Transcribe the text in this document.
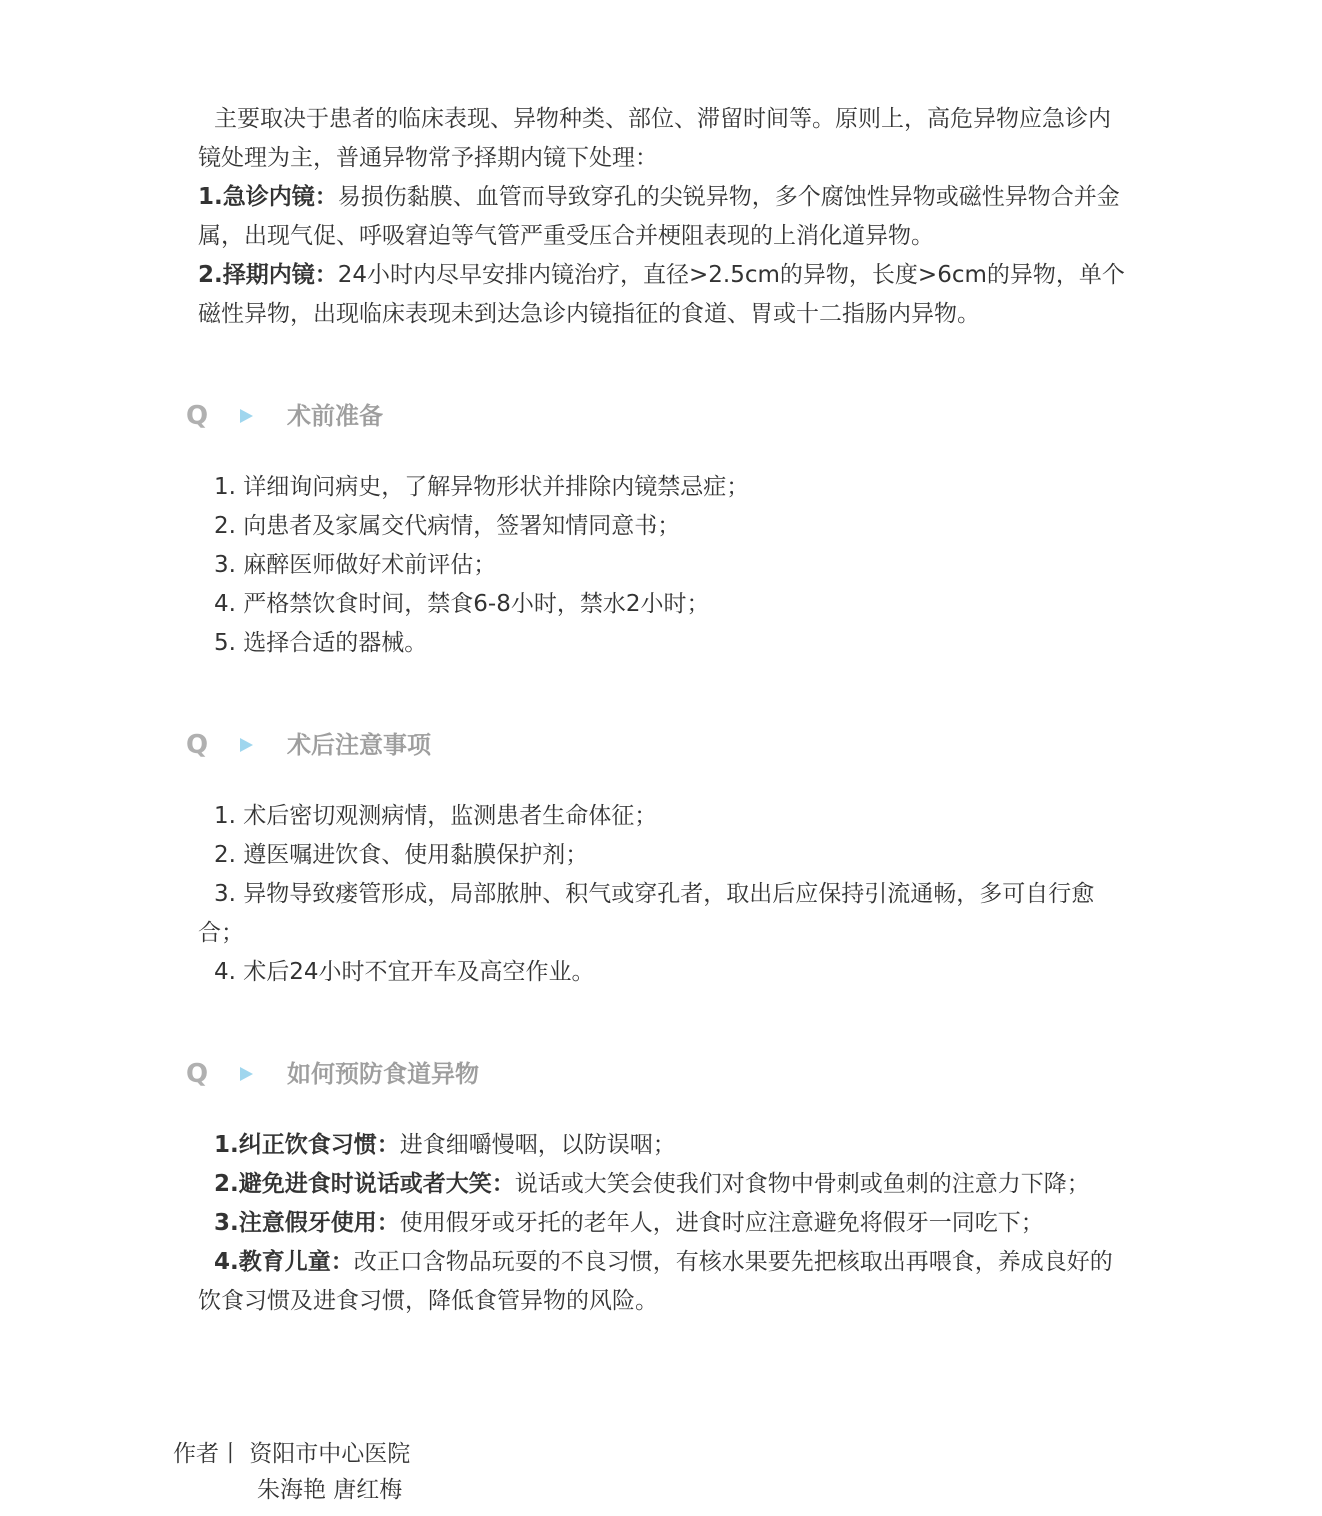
主要取决于患者的临床表现、异物种类、部位、滞留时间等。原则上，高危异物应急诊内镜处理为主，普通异物常予择期内镜下处理：

1.急诊内镜：易损伤黏膜、血管而导致穿孔的尖锐异物，多个腐蚀性异物或磁性异物合并金属，出现气促、呼吸窘迫等气管严重受压合并梗阻表现的上消化道异物。

2.择期内镜：24小时内尽早安排内镜治疗，直径>2.5cm的异物，长度>6cm的异物，单个磁性异物，出现临床表现未到达急诊内镜指征的食道、胃或十二指肠内异物。

Q	术前准备

1. 详细询问病史，了解异物形状并排除内镜禁忌症；

2. 向患者及家属交代病情，签署知情同意书；

3. 麻醉医师做好术前评估；

4. 严格禁饮食时间，禁食6-8小时，禁水2小时；

5. 选择合适的器械。

Q	术后注意事项

1. 术后密切观测病情，监测患者生命体征；

2. 遵医嘱进饮食、使用黏膜保护剂；

3. 异物导致瘘管形成，局部脓肿、积气或穿孔者，取出后应保持引流通畅，多可自行愈合；

4. 术后24小时不宜开车及高空作业。

Q	如何预防食道异物

1.纠正饮食习惯：进食细嚼慢咽，以防误咽；

2.避免进食时说话或者大笑：说话或大笑会使我们对食物中骨刺或鱼刺的注意力下降；

3.注意假牙使用：使用假牙或牙托的老年人，进食时应注意避免将假牙一同吃下；

4.教育儿童：改正口含物品玩耍的不良习惯，有核水果要先把核取出再喂食，养成良好的饮食习惯及进食习惯，降低食管异物的风险。

作者丨 资阳市中心医院
朱海艳 唐红梅
